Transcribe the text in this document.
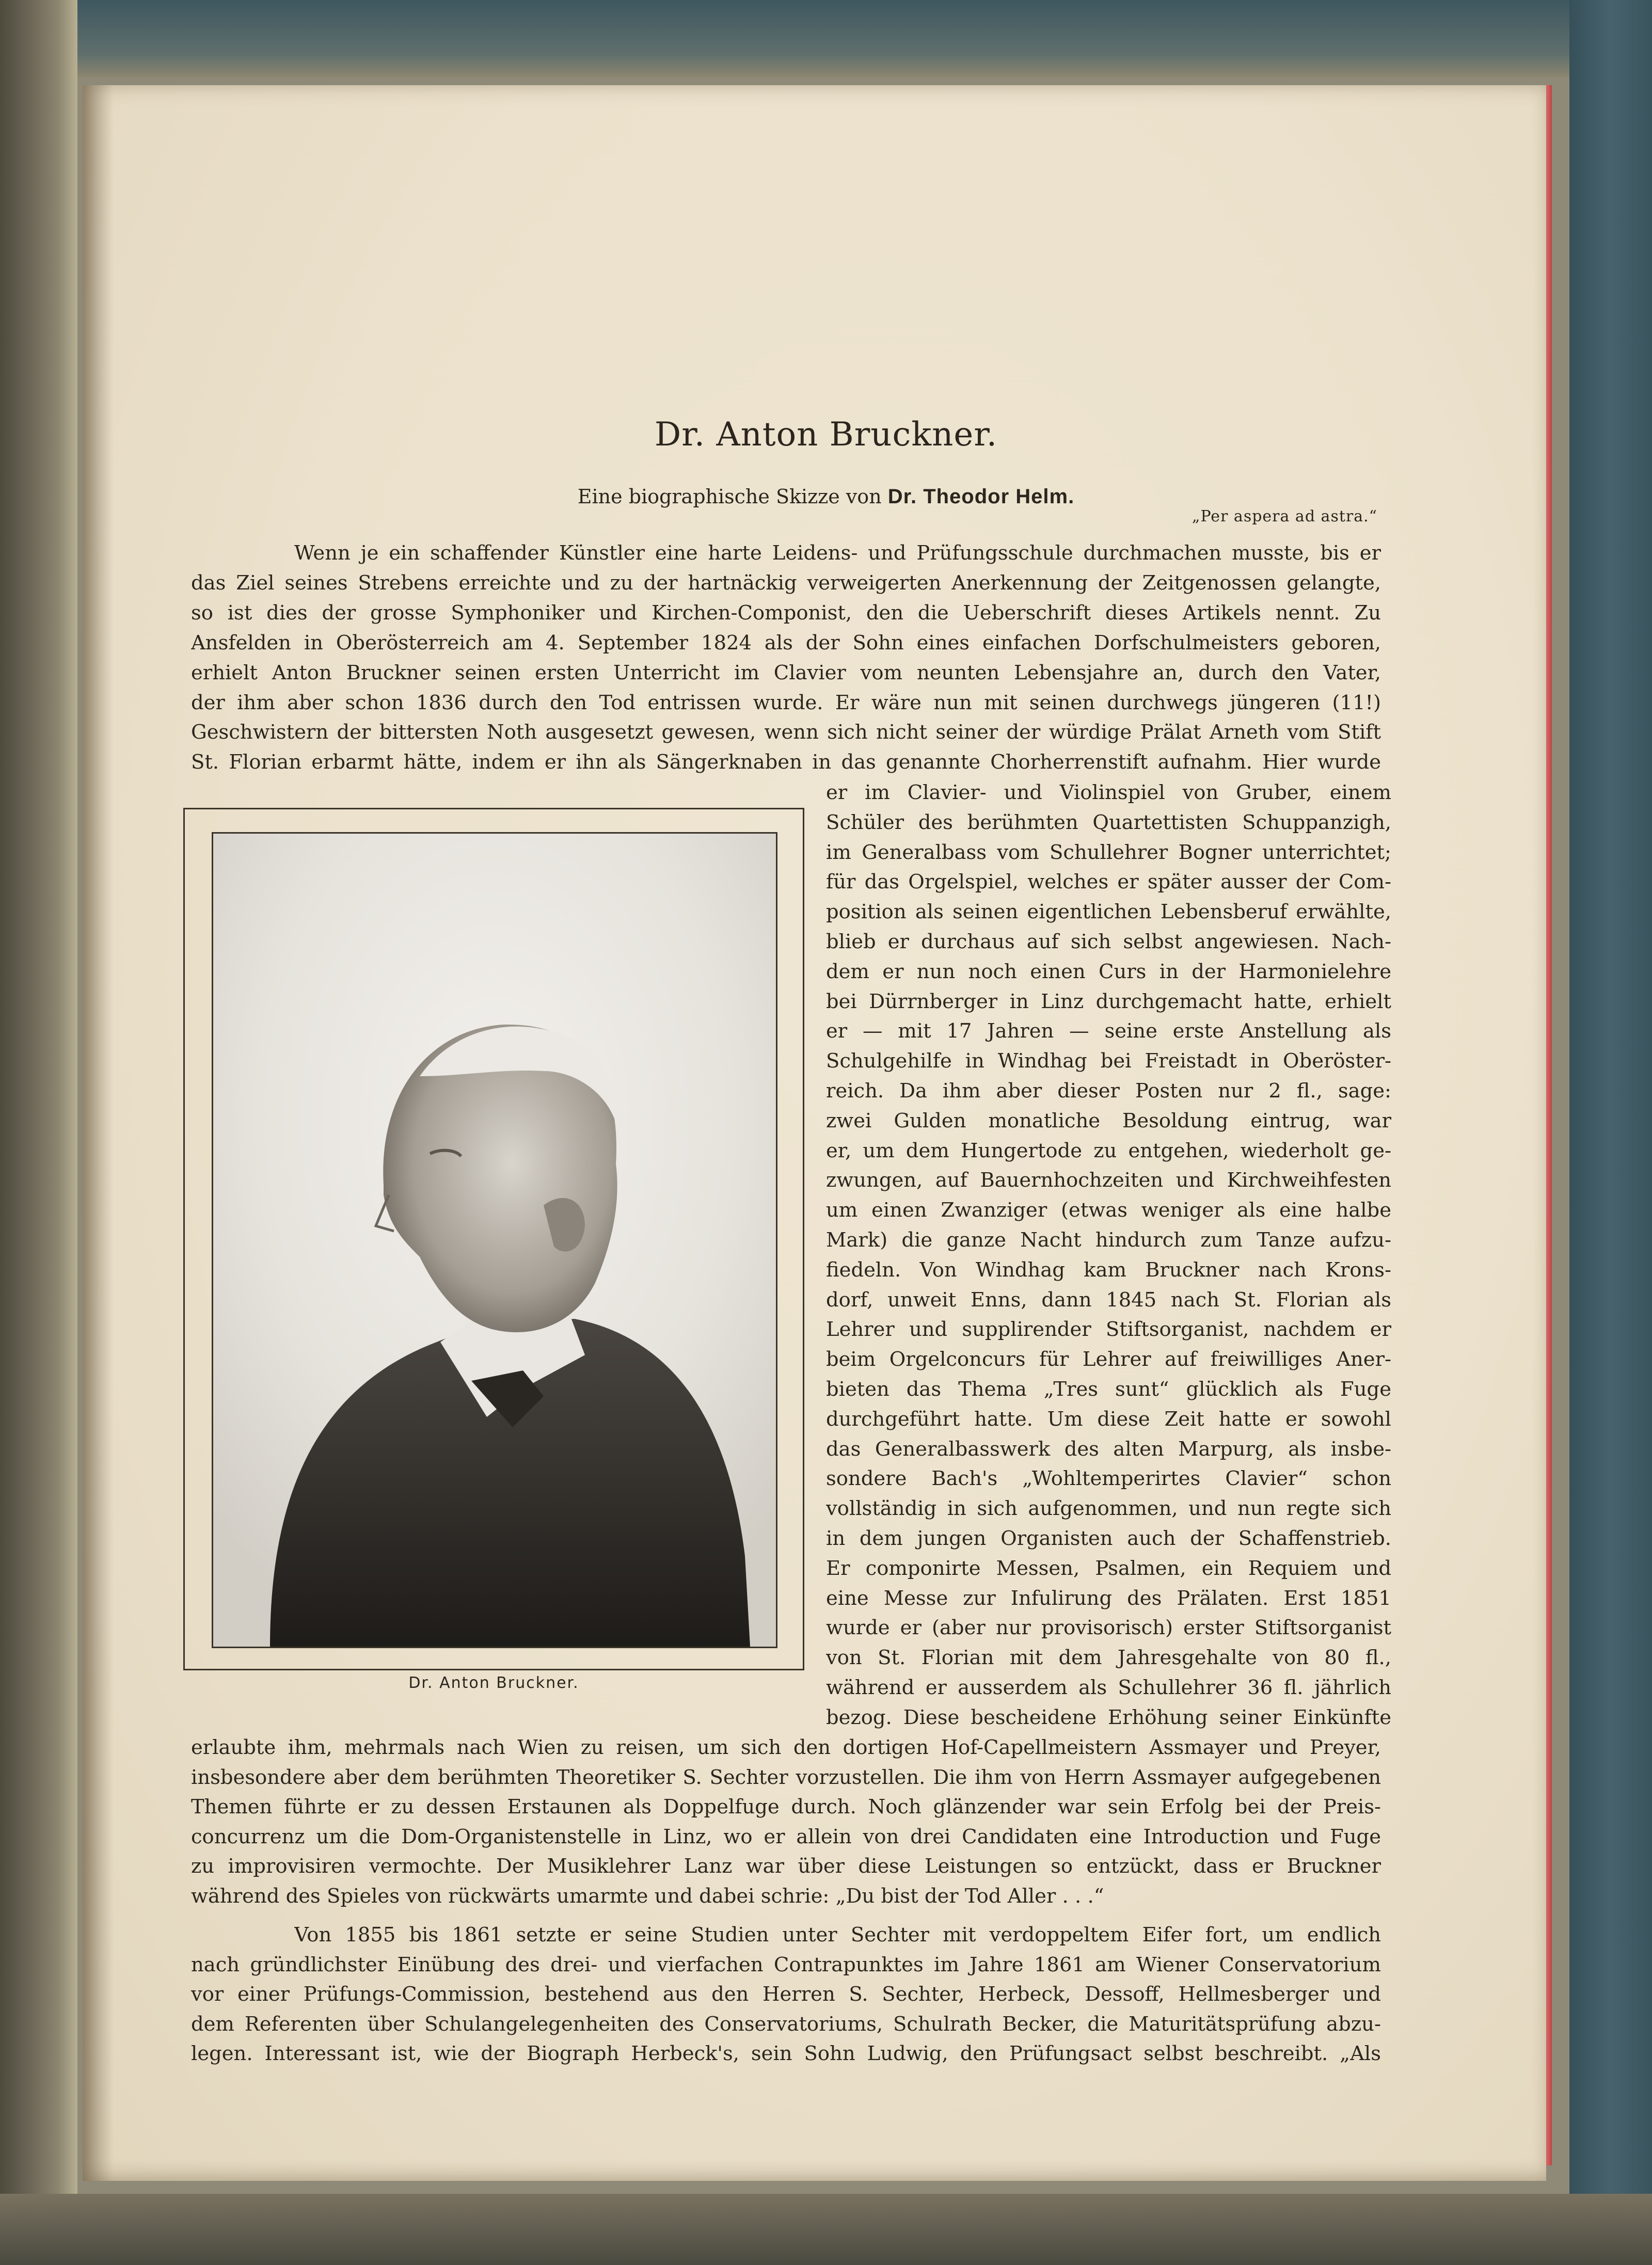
Dr. Anton Bruckner.
Eine biographische Skizze von Dr. Theodor Helm.
„Per aspera ad astra.“
Wenn je ein schaffender Künstler eine harte Leidens- und Prüfungsschule durchmachen musste, bis er
das Ziel seines Strebens erreichte und zu der hartnäckig verweigerten Anerkennung der Zeitgenossen gelangte,
so ist dies der grosse Symphoniker und Kirchen-Componist, den die Ueberschrift dieses Artikels nennt. Zu
Ansfelden in Oberösterreich am 4. September 1824 als der Sohn eines einfachen Dorfschulmeisters geboren,
erhielt Anton Bruckner seinen ersten Unterricht im Clavier vom neunten Lebensjahre an, durch den Vater,
der ihm aber schon 1836 durch den Tod entrissen wurde. Er wäre nun mit seinen durchwegs jüngeren (11!)
Geschwistern der bittersten Noth ausgesetzt gewesen, wenn sich nicht seiner der würdige Prälat Arneth vom Stift
St. Florian erbarmt hätte, indem er ihn als Sängerknaben in das genannte Chorherrenstift aufnahm. Hier wurde
er im Clavier- und Violinspiel von Gruber, einem
Schüler des berühmten Quartettisten Schuppanzigh,
im Generalbass vom Schullehrer Bogner unterrichtet;
für das Orgelspiel, welches er später ausser der Com-
position als seinen eigentlichen Lebensberuf erwählte,
blieb er durchaus auf sich selbst angewiesen. Nach-
dem er nun noch einen Curs in der Harmonielehre
bei Dürrnberger in Linz durchgemacht hatte, erhielt
er — mit 17 Jahren — seine erste Anstellung als
Schulgehilfe in Windhag bei Freistadt in Oberöster-
reich. Da ihm aber dieser Posten nur 2 fl., sage:
zwei Gulden monatliche Besoldung eintrug, war
er, um dem Hungertode zu entgehen, wiederholt ge-
zwungen, auf Bauernhochzeiten und Kirchweihfesten
um einen Zwanziger (etwas weniger als eine halbe
Mark) die ganze Nacht hindurch zum Tanze aufzu-
fiedeln. Von Windhag kam Bruckner nach Krons-
dorf, unweit Enns, dann 1845 nach St. Florian als
Lehrer und supplirender Stiftsorganist, nachdem er
beim Orgelconcurs für Lehrer auf freiwilliges Aner-
bieten das Thema „Tres sunt“ glücklich als Fuge
durchgeführt hatte. Um diese Zeit hatte er sowohl
das Generalbasswerk des alten Marpurg, als insbe-
sondere Bach's „Wohltemperirtes Clavier“ schon
vollständig in sich aufgenommen, und nun regte sich
in dem jungen Organisten auch der Schaffenstrieb.
Er componirte Messen, Psalmen, ein Requiem und
eine Messe zur Infulirung des Prälaten. Erst 1851
wurde er (aber nur provisorisch) erster Stiftsorganist
von St. Florian mit dem Jahresgehalte von 80 fl.,
während er ausserdem als Schullehrer 36 fl. jährlich
bezog. Diese bescheidene Erhöhung seiner Einkünfte
erlaubte ihm, mehrmals nach Wien zu reisen, um sich den dortigen Hof-Capellmeistern Assmayer und Preyer,
insbesondere aber dem berühmten Theoretiker S. Sechter vorzustellen. Die ihm von Herrn Assmayer aufgegebenen
Themen führte er zu dessen Erstaunen als Doppelfuge durch. Noch glänzender war sein Erfolg bei der Preis-
concurrenz um die Dom-Organistenstelle in Linz, wo er allein von drei Candidaten eine Introduction und Fuge
zu improvisiren vermochte. Der Musiklehrer Lanz war über diese Leistungen so entzückt, dass er Bruckner
während des Spieles von rückwärts umarmte und dabei schrie: „Du bist der Tod Aller . . .“
Von 1855 bis 1861 setzte er seine Studien unter Sechter mit verdoppeltem Eifer fort, um endlich
nach gründlichster Einübung des drei- und vierfachen Contrapunktes im Jahre 1861 am Wiener Conservatorium
vor einer Prüfungs-Commission, bestehend aus den Herren S. Sechter, Herbeck, Dessoff, Hellmesberger und
dem Referenten über Schulangelegenheiten des Conservatoriums, Schulrath Becker, die Maturitätsprüfung abzu-
legen. Interessant ist, wie der Biograph Herbeck's, sein Sohn Ludwig, den Prüfungsact selbst beschreibt. „Als
Dr. Anton Bruckner.
